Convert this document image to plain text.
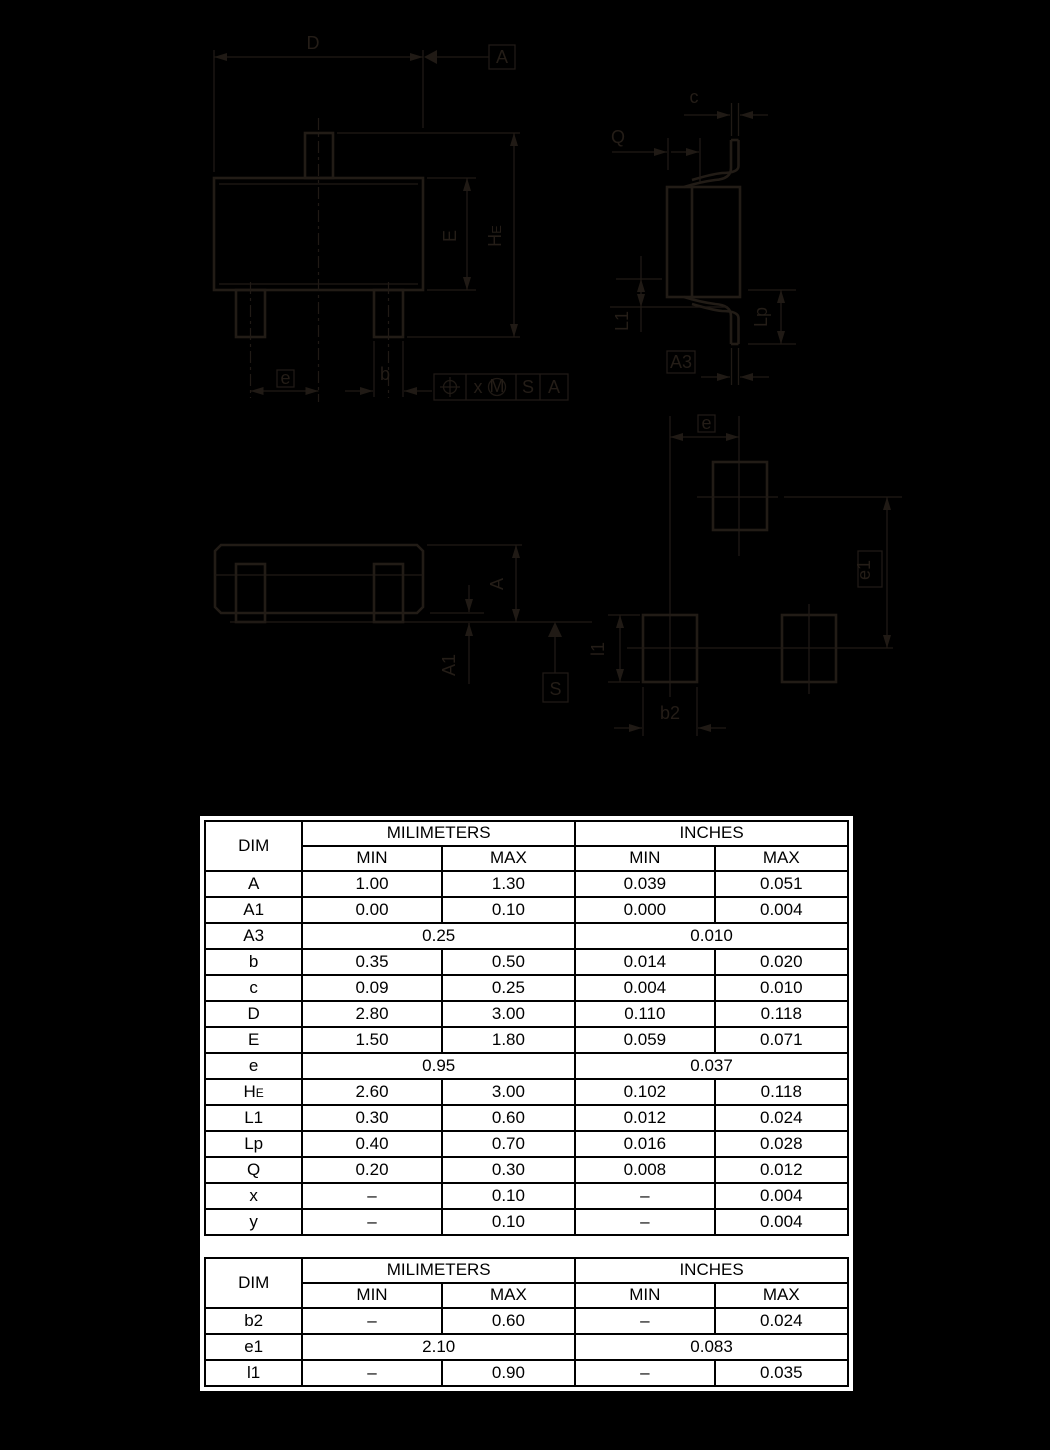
D
A
E HE
e	b
x M S A
c
Q
L1	Lp
A3
A
A1
S
e
e1
l1
b2
DIM	MILIMETERS		INCHES	
	MIN	MAX	MIN	MAX
A	1.00	1.30	0.039	0.051
A1	0.00	0.10	0.000	0.004
A3	0.25		0.010	
b	0.35	0.50	0.014	0.020
c	0.09	0.25	0.004	0.010
D	2.80	3.00	0.110	0.118
E	1.50	1.80	0.059	0.071
e	0.95		0.037	
HE	2.60	3.00	0.102	0.118
L1	0.30	0.60	0.012	0.024
Lp	0.40	0.70	0.016	0.028
Q	0.20	0.30	0.008	0.012
x	–	0.10	–	0.004
y	–	0.10	–	0.004
DIM	MILIMETERS		INCHES	
	MIN	MAX	MIN	MAX
b2	–	0.60	–	0.024
e1	2.10		0.083	
l1	–	0.90	–	0.035
